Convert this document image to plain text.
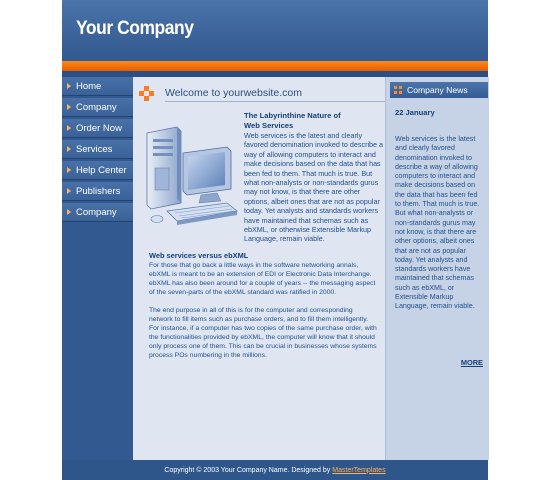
Your Company
Home
Company
Order Now
Services
Help Center
Publishers
Company
Welcome to yourwebsite.com
The Labyrinthine Nature of
Web Services
Web services is the latest and clearly favored denomination invoked to describe a way of allowing computers to interact and make decisions based on the data that has been fed to them. That much is true. But what non-analysts or non-standards gurus may not know, is that there are other options, albeit ones that are not as popular today. Yet analysts and standards workers have maintained that schemas such as ebXML, or otherwise Extensible Markup Language, remain viable.
Web services versus ebXML

For those that go back a little ways in the software networking annals, ebXML is meant to be an extension of EDI or Electronic Data Interchange. ebXML has also been around for a couple of years -- the messaging aspect of the seven-parts of the ebXML standard was ratified in 2000.

The end purpose in all of this is for the computer and corresponding network to fill items such as purchase orders, and to fill them intelligently. For instance, if a computer has two copies of the same purchase order, with the functionalities provided by ebXML, the computer will know that it should only process one of them. This can be crucial in businesses whose systems process POs numbering in the millions.

Company News
22 January
Web services is the latest and clearly favored denomination invoked to describe a way of allowing computers to interact and make decisions based on the data that has been fed to them. That much is true. But what non-analysts or non-standards gurus may not know, is that there are other options, albeit ones that are not as popular today. Yet analysts and standards workers have maintained that schemas such as ebXML, or Extensible Markup Language, remain viable.
MORE
Copyright © 2003 Your Company Name. Designed by MasterTemplates
